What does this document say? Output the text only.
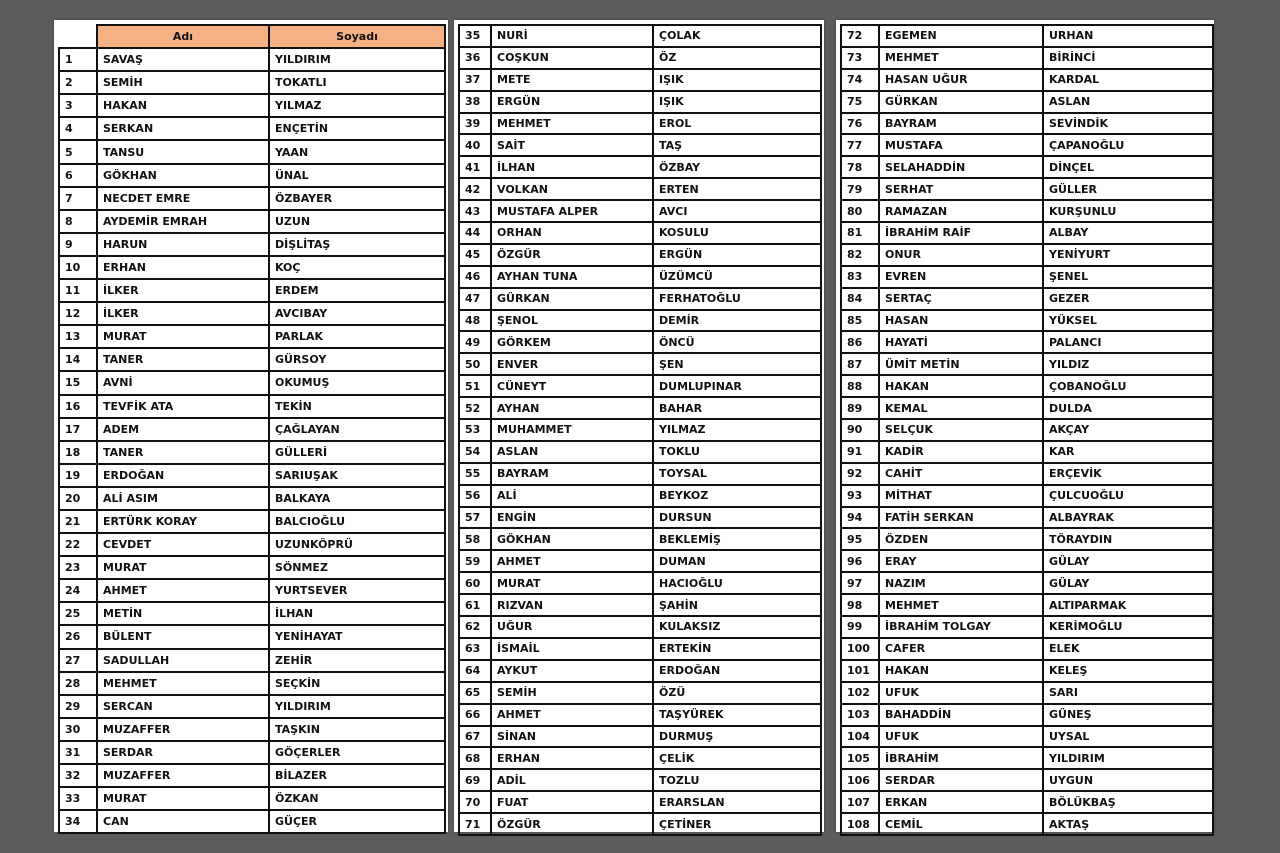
	Adı	Soyadı
1	SAVAŞ	YILDIRIM
2	SEMİH	TOKATLI
3	HAKAN	YILMAZ
4	SERKAN	ENÇETİN
5	TANSU	YAAN
6	GÖKHAN	ÜNAL
7	NECDET EMRE	ÖZBAYER
8	AYDEMİR EMRAH	UZUN
9	HARUN	DİŞLİTAŞ
10	ERHAN	KOÇ
11	İLKER	ERDEM
12	İLKER	AVCIBAY
13	MURAT	PARLAK
14	TANER	GÜRSOY
15	AVNİ	OKUMUŞ
16	TEVFİK ATA	TEKİN
17	ADEM	ÇAĞLAYAN
18	TANER	GÜLLERİ
19	ERDOĞAN	SARIUŞAK
20	ALİ ASIM	BALKAYA
21	ERTÜRK KORAY	BALCIOĞLU
22	CEVDET	UZUNKÖPRÜ
23	MURAT	SÖNMEZ
24	AHMET	YURTSEVER
25	METİN	İLHAN
26	BÜLENT	YENİHAYAT
27	SADULLAH	ZEHİR
28	MEHMET	SEÇKİN
29	SERCAN	YILDIRIM
30	MUZAFFER	TAŞKIN
31	SERDAR	GÖÇERLER
32	MUZAFFER	BİLAZER
33	MURAT	ÖZKAN
34	CAN	GÜÇER
35	NURİ	ÇOLAK
36	COŞKUN	ÖZ
37	METE	IŞIK
38	ERGÜN	IŞIK
39	MEHMET	EROL
40	SAİT	TAŞ
41	İLHAN	ÖZBAY
42	VOLKAN	ERTEN
43	MUSTAFA ALPER	AVCI
44	ORHAN	KOSULU
45	ÖZGÜR	ERGÜN
46	AYHAN TUNA	ÜZÜMCÜ
47	GÜRKAN	FERHATOĞLU
48	ŞENOL	DEMİR
49	GÖRKEM	ÖNCÜ
50	ENVER	ŞEN
51	CÜNEYT	DUMLUPINAR
52	AYHAN	BAHAR
53	MUHAMMET	YILMAZ
54	ASLAN	TOKLU
55	BAYRAM	TOYSAL
56	ALİ	BEYKOZ
57	ENGİN	DURSUN
58	GÖKHAN	BEKLEMİŞ
59	AHMET	DUMAN
60	MURAT	HACIOĞLU
61	RIZVAN	ŞAHİN
62	UĞUR	KULAKSIZ
63	İSMAİL	ERTEKİN
64	AYKUT	ERDOĞAN
65	SEMİH	ÖZÜ
66	AHMET	TAŞYÜREK
67	SİNAN	DURMUŞ
68	ERHAN	ÇELİK
69	ADİL	TOZLU
70	FUAT	ERARSLAN
71	ÖZGÜR	ÇETİNER
72	EGEMEN	URHAN
73	MEHMET	BİRİNCİ
74	HASAN UĞUR	KARDAL
75	GÜRKAN	ASLAN
76	BAYRAM	SEVİNDİK
77	MUSTAFA	ÇAPANOĞLU
78	SELAHADDİN	DİNÇEL
79	SERHAT	GÜLLER
80	RAMAZAN	KURŞUNLU
81	İBRAHİM RAİF	ALBAY
82	ONUR	YENİYURT
83	EVREN	ŞENEL
84	SERTAÇ	GEZER
85	HASAN	YÜKSEL
86	HAYATİ	PALANCI
87	ÜMİT METİN	YILDIZ
88	HAKAN	ÇOBANOĞLU
89	KEMAL	DULDA
90	SELÇUK	AKÇAY
91	KADİR	KAR
92	CAHİT	ERÇEVİK
93	MİTHAT	ÇULCUOĞLU
94	FATİH SERKAN	ALBAYRAK
95	ÖZDEN	TÖRAYDIN
96	ERAY	GÜLAY
97	NAZIM	GÜLAY
98	MEHMET	ALTIPARMAK
99	İBRAHİM TOLGAY	KERİMOĞLU
100	CAFER	ELEK
101	HAKAN	KELEŞ
102	UFUK	SARI
103	BAHADDİN	GÜNEŞ
104	UFUK	UYSAL
105	İBRAHİM	YILDIRIM
106	SERDAR	UYGUN
107	ERKAN	BÖLÜKBAŞ
108	CEMİL	AKTAŞ
